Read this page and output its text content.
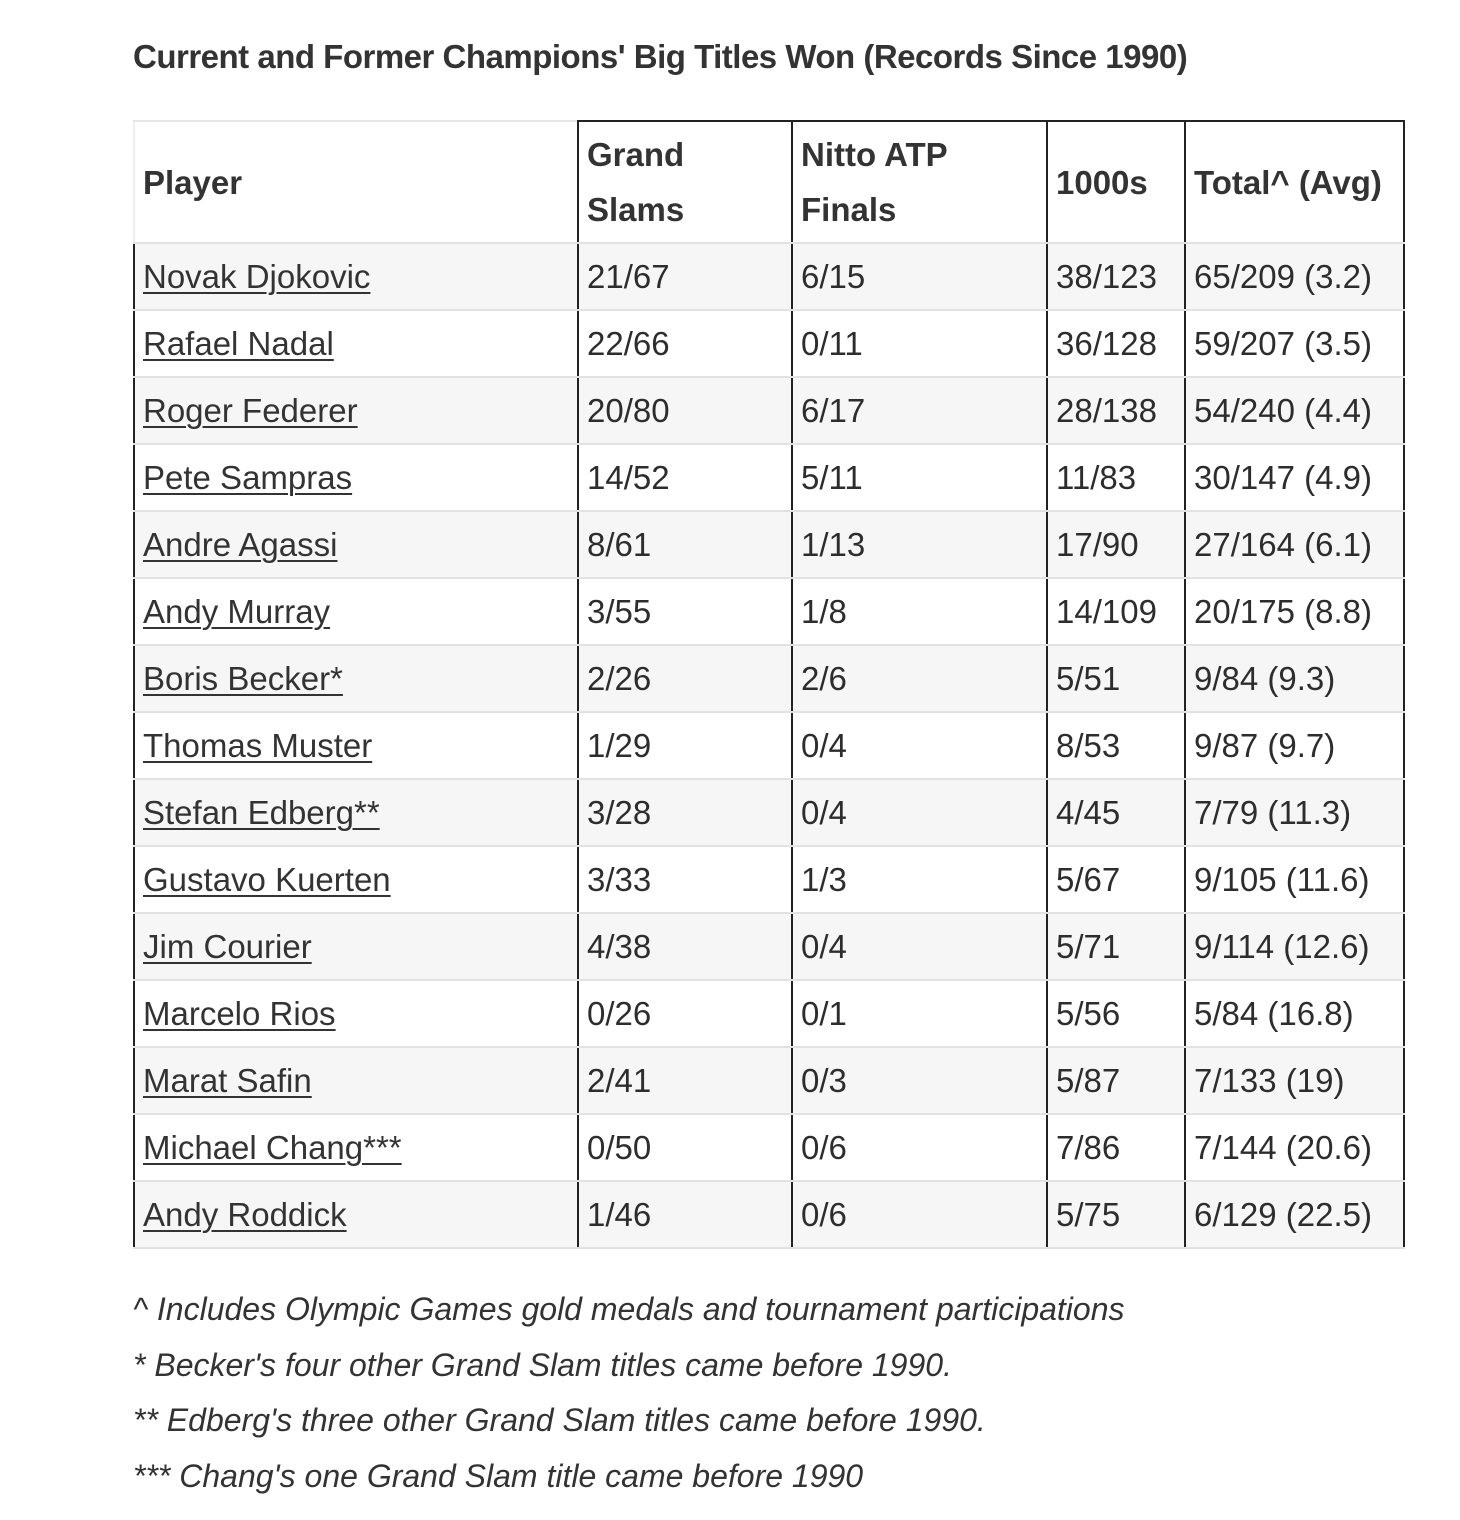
Current and Former Champions' Big Titles Won (Records Since 1990)
Player	Grand Slams	Nitto ATP Finals	1000s	Total^ (Avg)
Novak Djokovic	21/67	6/15	38/123	65/209 (3.2)
Rafael Nadal	22/66	0/11	36/128	59/207 (3.5)
Roger Federer	20/80	6/17	28/138	54/240 (4.4)
Pete Sampras	14/52	5/11	11/83	30/147 (4.9)
Andre Agassi	8/61	1/13	17/90	27/164 (6.1)
Andy Murray	3/55	1/8	14/109	20/175 (8.8)
Boris Becker*	2/26	2/6	5/51	9/84 (9.3)
Thomas Muster	1/29	0/4	8/53	9/87 (9.7)
Stefan Edberg**	3/28	0/4	4/45	7/79 (11.3)
Gustavo Kuerten	3/33	1/3	5/67	9/105 (11.6)
Jim Courier	4/38	0/4	5/71	9/114 (12.6)
Marcelo Rios	0/26	0/1	5/56	5/84 (16.8)
Marat Safin	2/41	0/3	5/87	7/133 (19)
Michael Chang***	0/50	0/6	7/86	7/144 (20.6)
Andy Roddick	1/46	0/6	5/75	6/129 (22.5)

^ Includes Olympic Games gold medals and tournament participations

* Becker's four other Grand Slam titles came before 1990.

** Edberg's three other Grand Slam titles came before 1990.

*** Chang's one Grand Slam title came before 1990
